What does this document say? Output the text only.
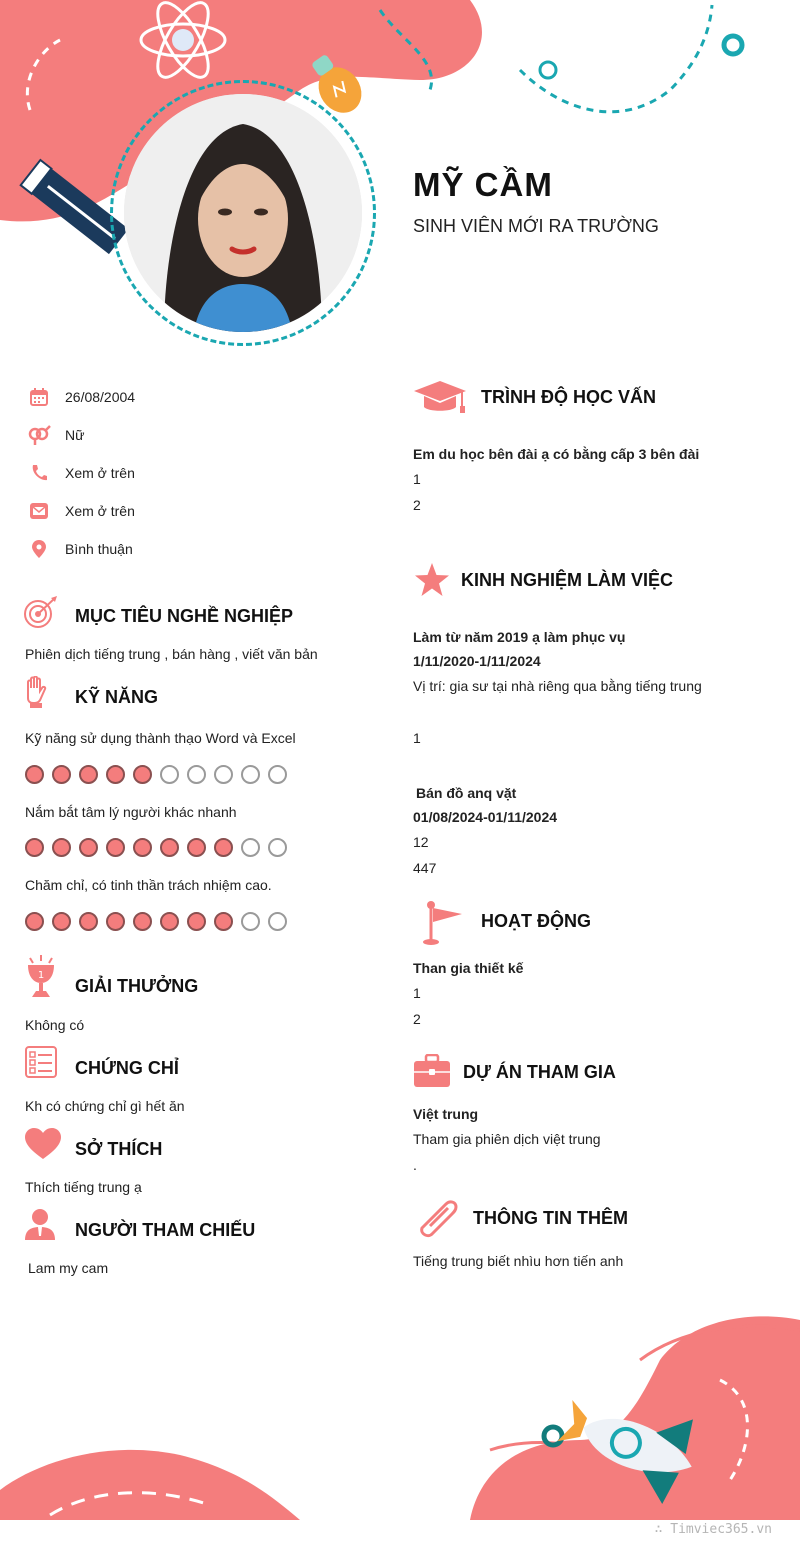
MỸ CẦM
SINH VIÊN MỚI RA TRƯỜNG
26/08/2004
Nữ
Xem ở trên
Xem ở trên
Bình thuận
MỤC TIÊU NGHỀ NGHIỆP
Phiên dịch tiếng trung , bán hàng , viết văn bản
KỸ NĂNG
Kỹ năng sử dụng thành thạo Word và Excel
Nắm bắt tâm lý người khác nhanh
Chăm chỉ, có tinh thần trách nhiệm cao.
1
GIẢI THƯỞNG
Không có
CHỨNG CHỈ
Kh có chứng chỉ gì hết ăn
SỞ THÍCH
Thích tiếng trung ạ
NGƯỜI THAM CHIẾU
Lam my cam
TRÌNH ĐỘ HỌC VẤN
Em du học bên đài ạ có bằng cấp 3 bên đài
1
2
KINH NGHIỆM LÀM VIỆC
Làm từ năm 2019 ạ làm phục vụ
1/11/2020-1/11/2024
Vị trí: gia sư tại nhà riêng qua bằng tiếng trung
1
Bán đồ anq vặt
01/08/2024-01/11/2024
12
447
HOẠT ĐỘNG
Than gia thiết kế
1
2
DỰ ÁN THAM GIA
Việt trung
Tham gia phiên dịch việt trung
.
THÔNG TIN THÊM
Tiếng trung biết nhìu hơn tiến anh
∴ Timviec365.vn
